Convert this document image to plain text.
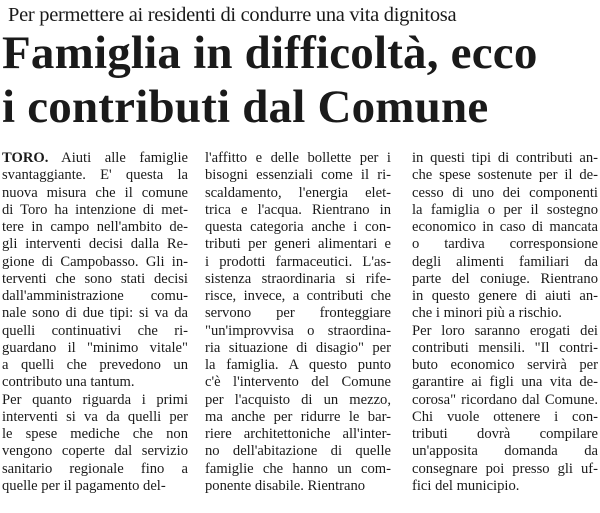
Per permettere ai residenti di condurre una vita dignitosa
Famiglia in difficoltà, ecco
i contributi dal Comune
TORO. Aiuti alle famiglie
svantaggiante. E' questa la
nuova misura che il comune
di Toro ha intenzione di met-
tere in campo nell'ambito de-
gli interventi decisi dalla Re-
gione di Campobasso. Gli in-
terventi che sono stati decisi
dall'amministrazione comu-
nale sono di due tipi: si va da
quelli continuativi che ri-
guardano il "minimo vitale"
a quelli che prevedono un
contributo una tantum.
Per quanto riguarda i primi
interventi si va da quelli per
le spese mediche che non
vengono coperte dal servizio
sanitario regionale fino a
quelle per il pagamento del-
l'affitto e delle bollette per i
bisogni essenziali come il ri-
scaldamento, l'energia elet-
trica e l'acqua. Rientrano in
questa categoria anche i con-
tributi per generi alimentari e
i prodotti farmaceutici. L'as-
sistenza straordinaria si rife-
risce, invece, a contributi che
servono per fronteggiare
"un'improvvisa o straordina-
ria situazione di disagio" per
la famiglia. A questo punto
c'è l'intervento del Comune
per l'acquisto di un mezzo,
ma anche per ridurre le bar-
riere architettoniche all'inter-
no dell'abitazione di quelle
famiglie che hanno un com-
ponente disabile. Rientrano
in questi tipi di contributi an-
che spese sostenute per il de-
cesso di uno dei componenti
la famiglia o per il sostegno
economico in caso di mancata
o tardiva corresponsione
degli alimenti familiari da
parte del coniuge. Rientrano
in questo genere di aiuti an-
che i minori più a rischio.
Per loro saranno erogati dei
contributi mensili. "Il contri-
buto economico servirà per
garantire ai figli una vita de-
corosa" ricordano dal Comune.
Chi vuole ottenere i con-
tributi dovrà compilare
un'apposita domanda da
consegnare poi presso gli uf-
fici del municipio.
